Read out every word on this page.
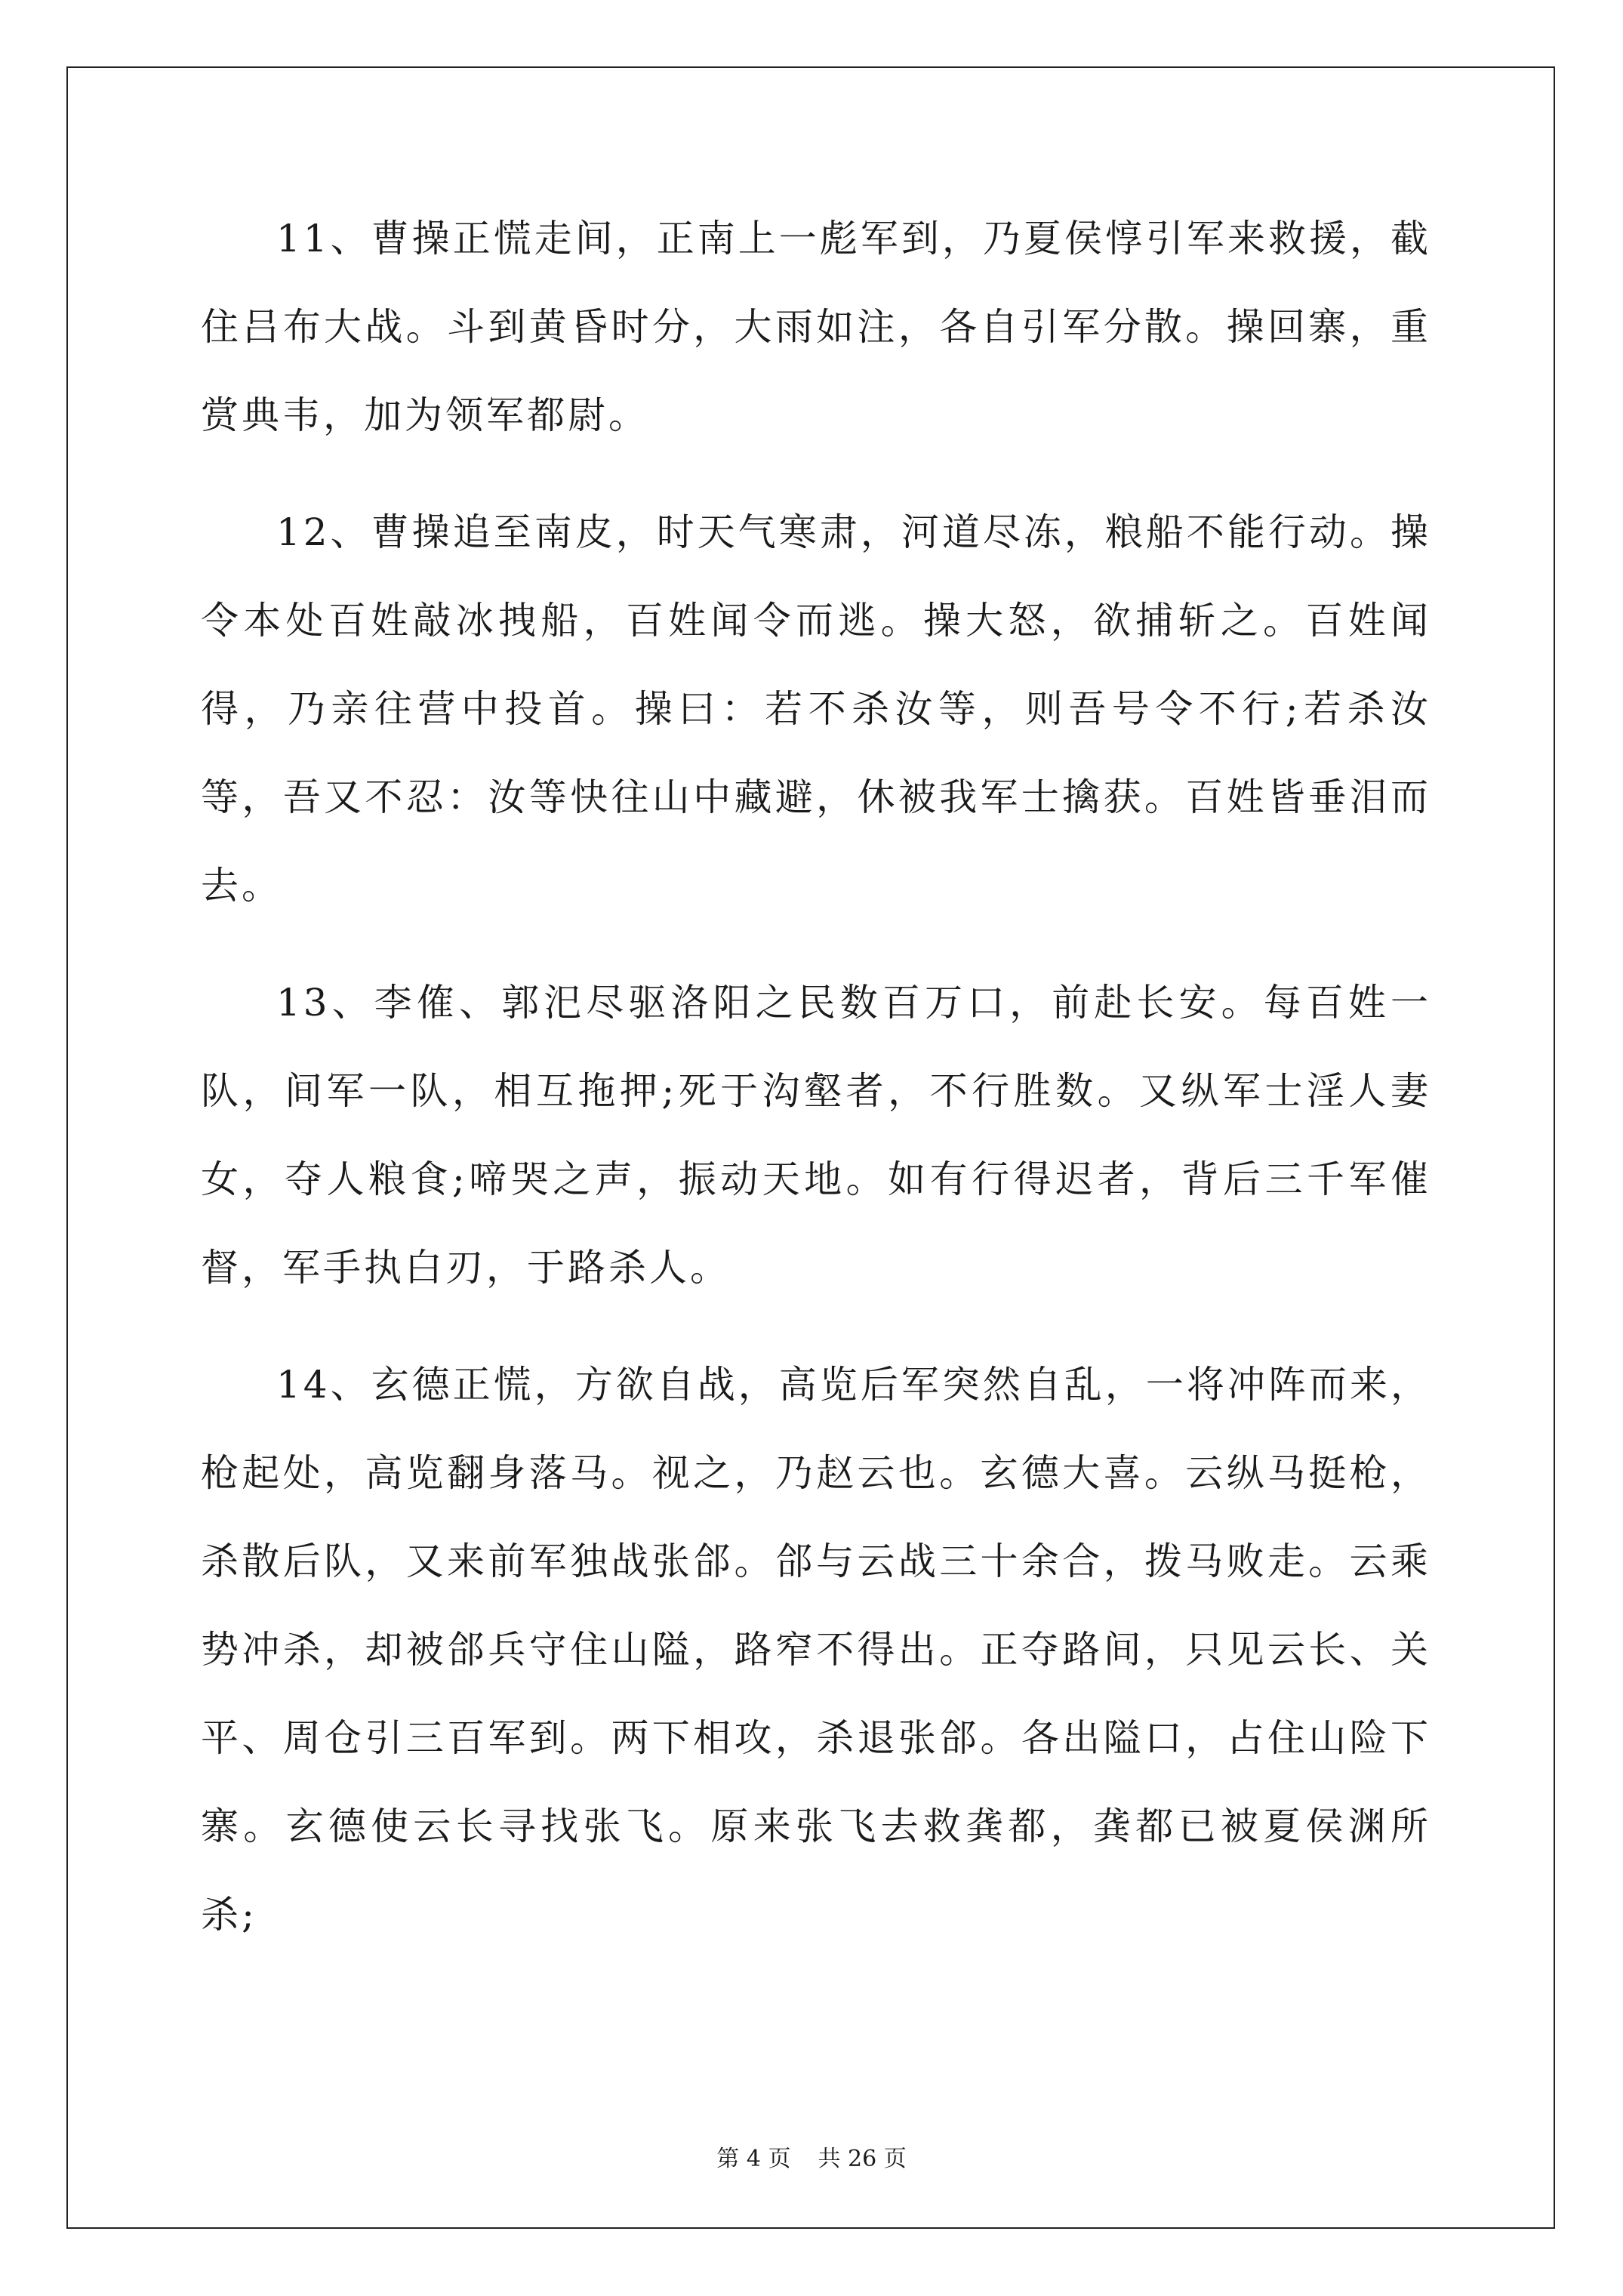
11、曹操正慌走间，正南上一彪军到，乃夏侯惇引军来救援，截住吕布大战。斗到黄昏时分，大雨如注，各自引军分散。操回寨，重赏典韦，加为领军都尉。

12、曹操追至南皮，时天气寒肃，河道尽冻，粮船不能行动。操令本处百姓敲冰拽船，百姓闻令而逃。操大怒，欲捕斩之。百姓闻得，乃亲往营中投首。操曰：若不杀汝等，则吾号令不行;若杀汝等，吾又不忍：汝等快往山中藏避，休被我军士擒获。百姓皆垂泪而去。

13、李傕、郭汜尽驱洛阳之民数百万口，前赴长安。每百姓一队，间军一队，相互拖押;死于沟壑者，不行胜数。又纵军士淫人妻女，夺人粮食;啼哭之声，振动天地。如有行得迟者，背后三千军催督，军手执白刃，于路杀人。

14、玄德正慌，方欲自战，高览后军突然自乱，一将冲阵而来，枪起处，高览翻身落马。视之，乃赵云也。玄德大喜。云纵马挺枪，杀散后队，又来前军独战张郃。郃与云战三十余合，拨马败走。云乘势冲杀，却被郃兵守住山隘，路窄不得出。正夺路间，只见云长、关平、周仓引三百军到。两下相攻，杀退张郃。各出隘口，占住山险下寨。玄德使云长寻找张飞。原来张飞去救龚都，龚都已被夏侯渊所杀;

第 4 页 共 26 页
